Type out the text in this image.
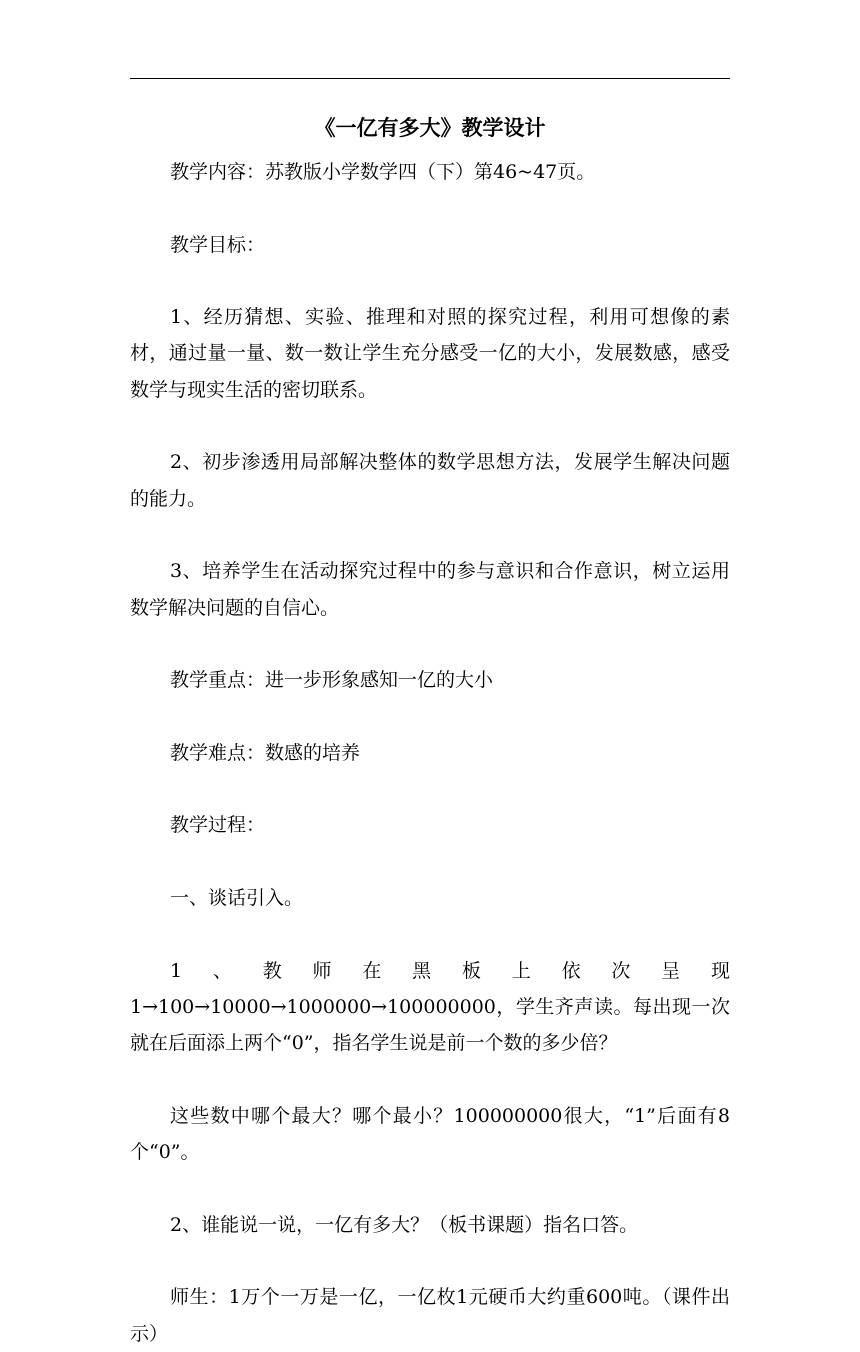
《一亿有多大》教学设计

教学内容：苏教版小学数学四（下）第46~47页。

教学目标：

1、经历猜想、实验、推理和对照的探究过程，利用可想像的素材，通过量一量、数一数让学生充分感受一亿的大小，发展数感，感受数学与现实生活的密切联系。

2、初步渗透用局部解决整体的数学思想方法，发展学生解决问题的能力。

3、培养学生在活动探究过程中的参与意识和合作意识，树立运用数学解决问题的自信心。

教学重点：进一步形象感知一亿的大小

教学难点：数感的培养

教学过程：

一、谈话引入。

1、教师在黑板上依次呈现1→100→10000→1000000→100000000，学生齐声读。每出现一次就在后面添上两个“0”，指名学生说是前一个数的多少倍？

这些数中哪个最大？哪个最小？100000000很大，“1”后面有8个“0”。

2、谁能说一说，一亿有多大？（板书课题）指名口答。

师生：1万个一万是一亿，一亿枚1元硬币大约重600吨。（课件出示）
